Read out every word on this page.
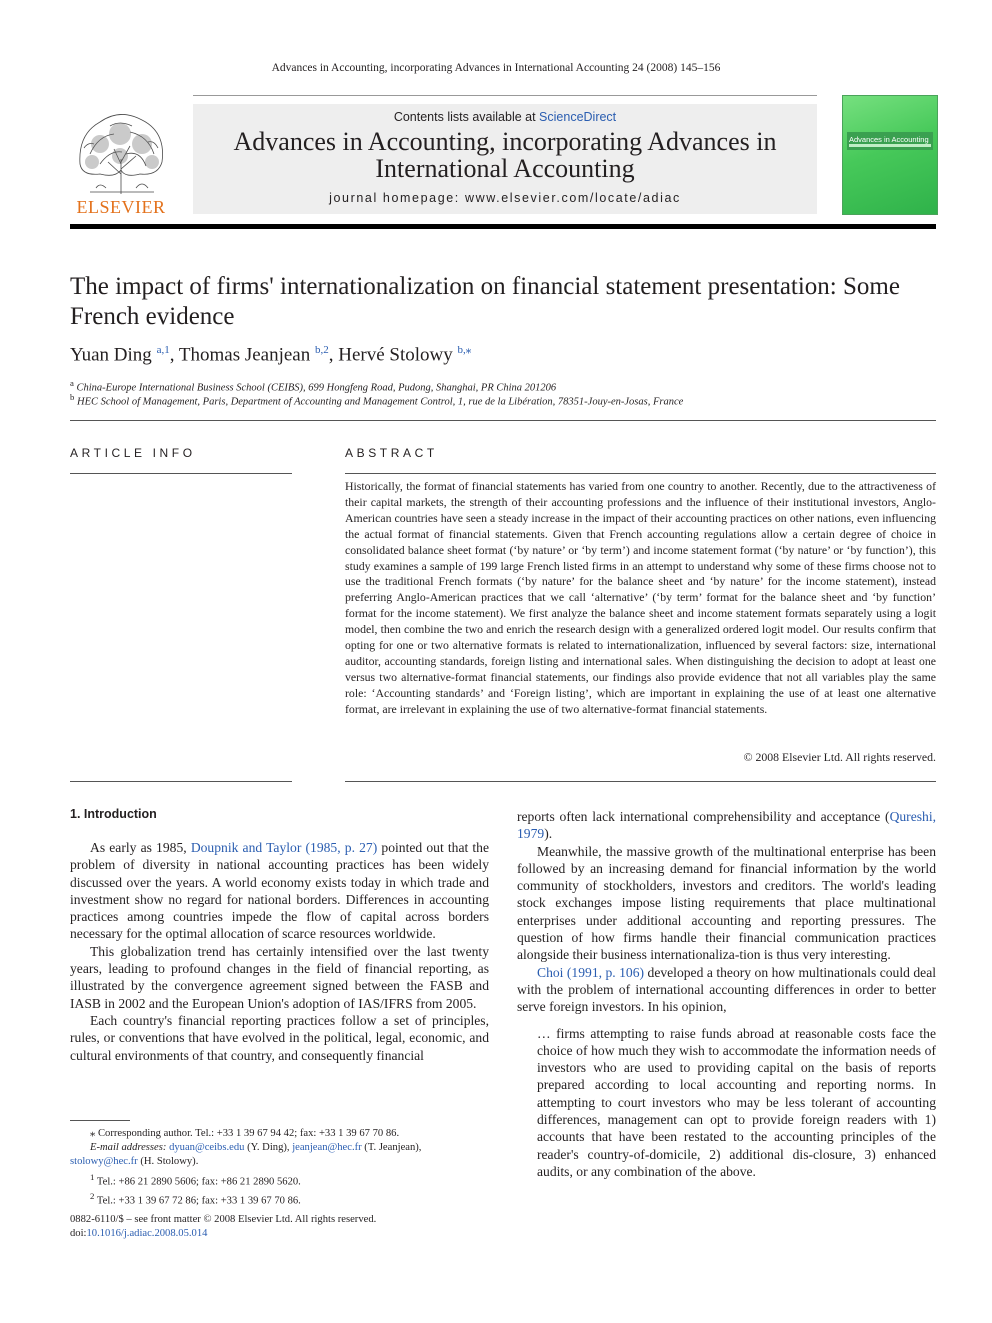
Advances in Accounting, incorporating Advances in International Accounting 24 (2008) 145–156
ELSEVIER
Contents lists available at ScienceDirect
Advances in Accounting, incorporating Advances in
International Accounting
journal homepage: www.elsevier.com/locate/adiac
Advances in Accounting
The impact of firms' internationalization on financial statement presentation: Some French evidence
Yuan Ding $^{a,1}$, Thomas Jeanjean $^{b,2}$, Hervé Stolowy $^{b,⁎}$
$^a$ China-Europe International Business School (CEIBS), 699 Hongfeng Road, Pudong, Shanghai, PR China 201206
$^b$ HEC School of Management, Paris, Department of Accounting and Management Control, 1, rue de la Libération, 78351-Jouy-en-Josas, France
ARTICLE INFO	ABSTRACT
Historically, the format of financial statements has varied from one country to another. Recently, due to the attractiveness of their capital markets, the strength of their accounting professions and the influence of their institutional investors, Anglo-American countries have seen a steady increase in the impact of their accounting practices on other nations, even influencing the actual format of financial statements. Given that French accounting regulations allow a certain degree of choice in consolidated balance sheet format (‘by nature’ or ‘by term’) and income statement format (‘by nature’ or ‘by function’), this study examines a sample of 199 large French listed firms in an attempt to understand why some of these firms choose not to use the traditional French formats (‘by nature’ for the balance sheet and ‘by nature’ for the income statement), instead preferring Anglo-American practices that we call ‘alternative’ (‘by term’ format for the balance sheet and ‘by function’ format for the income statement). We first analyze the balance sheet and income statement formats separately using a logit model, then combine the two and enrich the research design with a generalized ordered logit model. Our results confirm that opting for one or two alternative formats is related to internationalization, influenced by several factors: size, international auditor, accounting standards, foreign listing and international sales. When distinguishing the decision to adopt at least one versus two alternative-format financial statements, our findings also provide evidence that not all variables play the same role: ‘Accounting standards’ and ‘Foreign listing’, which are important in explaining the use of at least one alternative format, are irrelevant in explaining the use of two alternative-format financial statements.
© 2008 Elsevier Ltd. All rights reserved.
1. Introduction

As early as 1985, Doupnik and Taylor (1985, p. 27) pointed out that the problem of diversity in national accounting practices has been widely discussed over the years. A world economy exists today in which trade and investment show no regard for national borders. Differences in accounting practices among countries impede the flow of capital across borders necessary for the optimal allocation of scarce resources worldwide.

This globalization trend has certainly intensified over the last twenty years, leading to profound changes in the field of financial reporting, as illustrated by the convergence agreement signed between the FASB and IASB in 2002 and the European Union's adoption of IAS/IFRS from 2005.

Each country's financial reporting practices follow a set of principles, rules, or conventions that have evolved in the political, legal, economic, and cultural environments of that country, and consequently financial

reports often lack international comprehensibility and acceptance (Qureshi, 1979).

Meanwhile, the massive growth of the multinational enterprise has been followed by an increasing demand for financial information by the world community of stockholders, investors and creditors. The world's leading stock exchanges impose listing requirements that place multinational enterprises under additional accounting and reporting pressures. The question of how firms handle their financial communication practices alongside their business internationaliza-tion is thus very interesting.

Choi (1991, p. 106) developed a theory on how multinationals could deal with the problem of international accounting differences in order to better serve foreign investors. In his opinion,

… firms attempting to raise funds abroad at reasonable costs face the choice of how much they wish to accommodate the information needs of investors who are used to providing capital on the basis of reports prepared according to local accounting and reporting norms. In attempting to court investors who may be less tolerant of accounting differences, management can opt to provide foreign readers with 1) accounts that have been restated to the accounting principles of the reader's country-of-domicile, 2) additional dis-closure, 3) enhanced audits, or any combination of the above.

⁎ Corresponding author. Tel.: +33 1 39 67 94 42; fax: +33 1 39 67 70 86.
E-mail addresses: dyuan@ceibs.edu (Y. Ding), jeanjean@hec.fr (T. Jeanjean),
stolowy@hec.fr (H. Stolowy).
$^1$ Tel.: +86 21 2890 5606; fax: +86 21 2890 5620.
$^2$ Tel.: +33 1 39 67 72 86; fax: +33 1 39 67 70 86.
0882-6110/$ – see front matter © 2008 Elsevier Ltd. All rights reserved.
doi:10.1016/j.adiac.2008.05.014
